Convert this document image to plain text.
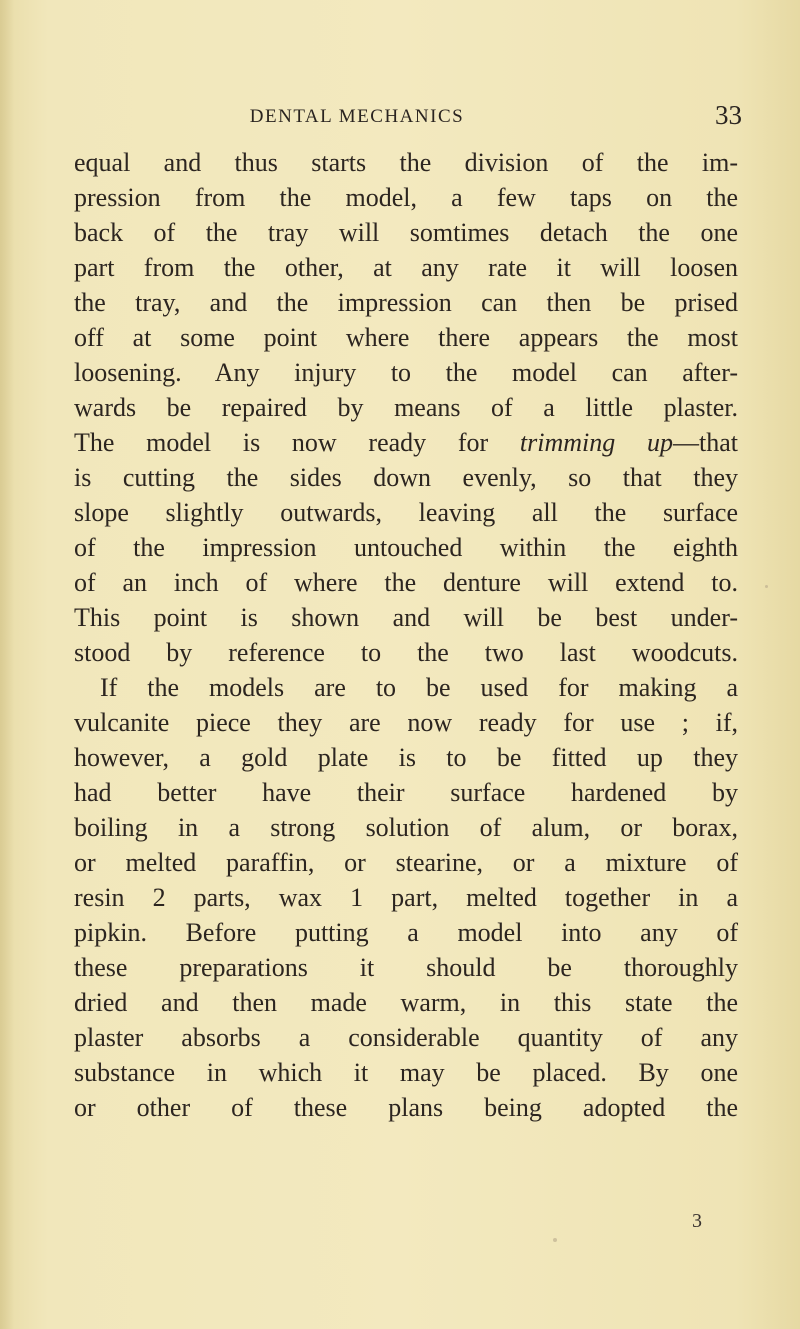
DENTAL MECHANICS	33
equal and thus starts the division of the im-
pression from the model, a few taps on the
back of the tray will somtimes detach the one
part from the other, at any rate it will loosen
the tray, and the impression can then be prised
off at some point where there appears the most
loosening. Any injury to the model can after-
wards be repaired by means of a little plaster.
The model is now ready for trimming up—that
is cutting the sides down evenly, so that they
slope slightly outwards, leaving all the surface
of the impression untouched within the eighth
of an inch of where the denture will extend to.
This point is shown and will be best under-
stood by reference to the two last woodcuts.
If the models are to be used for making a
vulcanite piece they are now ready for use ; if,
however, a gold plate is to be fitted up they
had better have their surface hardened by
boiling in a strong solution of alum, or borax,
or melted paraffin, or stearine, or a mixture of
resin 2 parts, wax 1 part, melted together in a
pipkin. Before putting a model into any of
these preparations it should be thoroughly
dried and then made warm, in this state the
plaster absorbs a considerable quantity of any
substance in which it may be placed. By one
or other of these plans being adopted the
3
